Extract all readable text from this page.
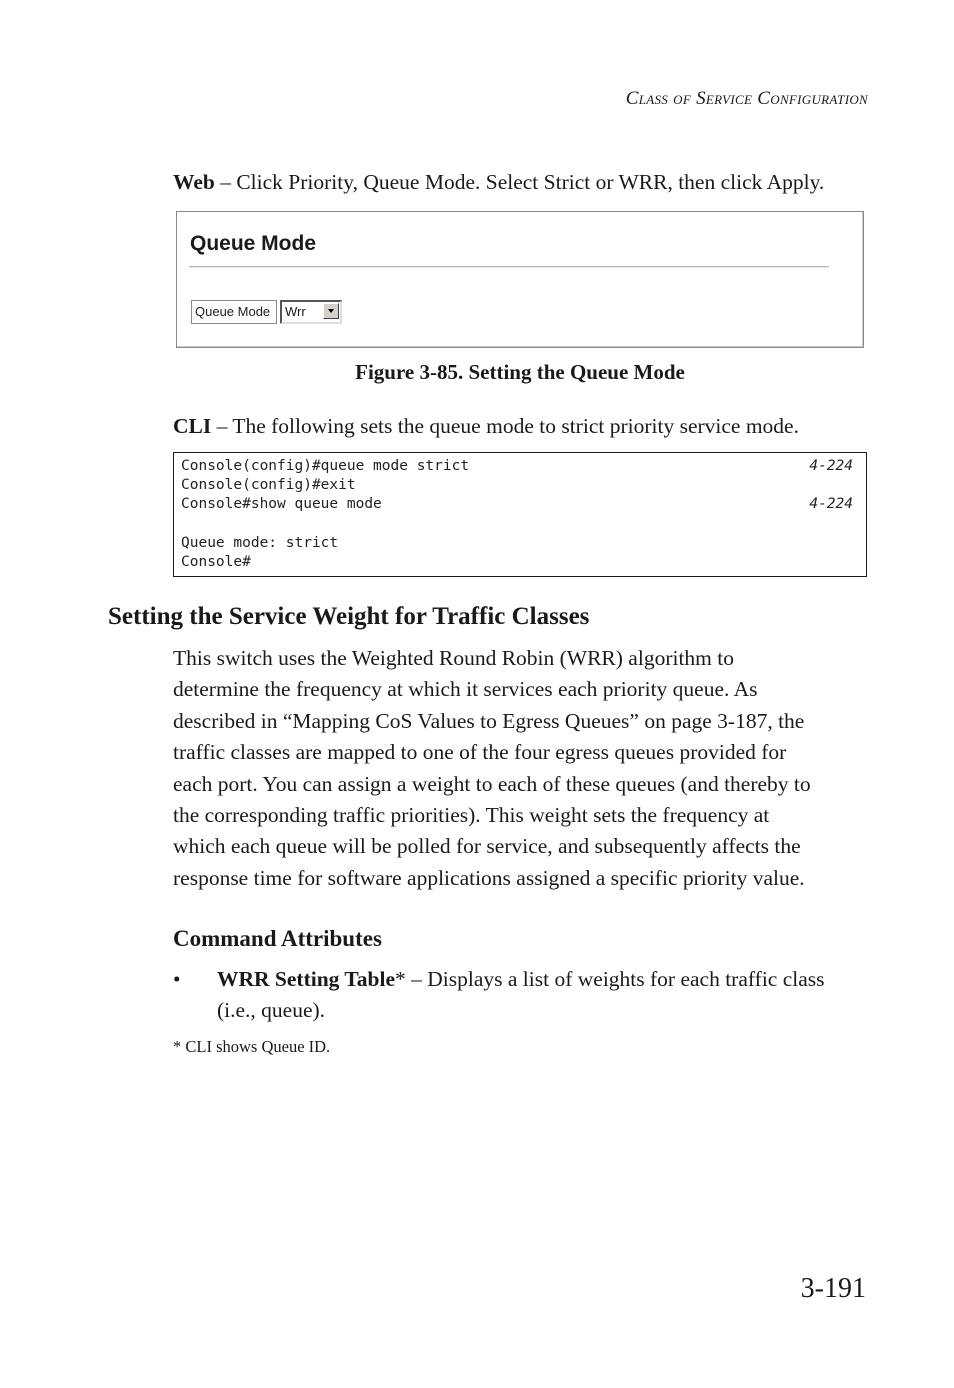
Class of Service Configuration
Web – Click Priority, Queue Mode. Select Strict or WRR, then click Apply.
Queue Mode
Queue Mode	Wrr
Figure 3-85. Setting the Queue Mode
CLI – The following sets the queue mode to strict priority service mode.
Console(config)#queue mode strict	4-224
Console(config)#exit
Console#show queue mode	4-224
Queue mode: strict
Console#
Setting the Service Weight for Traffic Classes
This switch uses the Weighted Round Robin (WRR) algorithm to
determine the frequency at which it services each priority queue. As
described in “Mapping CoS Values to Egress Queues” on page 3-187, the
traffic classes are mapped to one of the four egress queues provided for
each port. You can assign a weight to each of these queues (and thereby to
the corresponding traffic priorities). This weight sets the frequency at
which each queue will be polled for service, and subsequently affects the
response time for software applications assigned a specific priority value.
Command Attributes
• WRR Setting Table* – Displays a list of weights for each traffic class
(i.e., queue).
* CLI shows Queue ID.
3-191
